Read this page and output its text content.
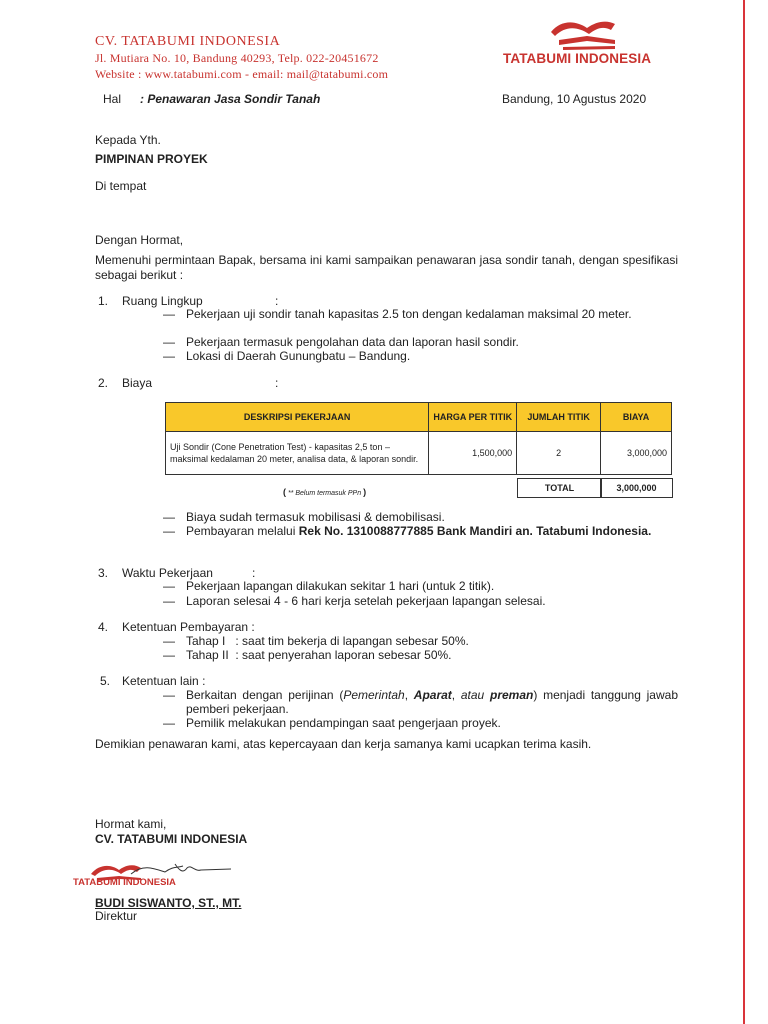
CV. TATABUMI INDONESIA
Jl. Mutiara No. 10, Bandung 40293, Telp. 022-20451672
Website : www.tatabumi.com - email: mail@tatabumi.com
TATABUMI INDONESIA
Hal : Penawaran Jasa Sondir Tanah	Bandung, 10 Agustus 2020
Kepada Yth.
PIMPINAN PROYEK
Di tempat
Dengan Hormat,
Memenuhi permintaan Bapak, bersama ini kami sampaikan penawaran jasa sondir tanah, dengan spesifikasi sebagai berikut :
1. Ruang Lingkup	:
— Pekerjaan uji sondir tanah kapasitas 2.5 ton dengan kedalaman maksimal 20 meter.
— Pekerjaan termasuk pengolahan data dan laporan hasil sondir.
— Lokasi di Daerah Gunungbatu – Bandung.
2. Biaya	:
DESKRIPSI PEKERJAAN	HARGA PER TITIK	JUMLAH TITIK	BIAYA
Uji Sondir (Cone Penetration Test) - kapasitas 2,5 ton – maksimal kedalaman 20 meter, analisa data, & laporan sondir.	1,500,000	2	3,000,000
TOTAL	3,000,000
( ** Belum termasuk PPn )
— Biaya sudah termasuk mobilisasi & demobilisasi.
— Pembayaran melalui Rek No. 1310088777885 Bank Mandiri an. Tatabumi Indonesia.
3. Waktu Pekerjaan	:
— Pekerjaan lapangan dilakukan sekitar 1 hari (untuk 2 titik).
— Laporan selesai 4 - 6 hari kerja setelah pekerjaan lapangan selesai.
4. Ketentuan Pembayaran :
— Tahap I   : saat tim bekerja di lapangan sebesar 50%.
— Tahap II  : saat penyerahan laporan sebesar 50%.
5. Ketentuan lain :
— Berkaitan dengan perijinan (Pemerintah, Aparat, atau preman) menjadi tanggung jawab pemberi pekerjaan.
— Pemilik melakukan pendampingan saat pengerjaan proyek.
Demikian penawaran kami, atas kepercayaan dan kerja samanya kami ucapkan terima kasih.
Hormat kami,
CV. TATABUMI INDONESIA
TATABUMI INDONESIA
BUDI SISWANTO, ST., MT.
Direktur
